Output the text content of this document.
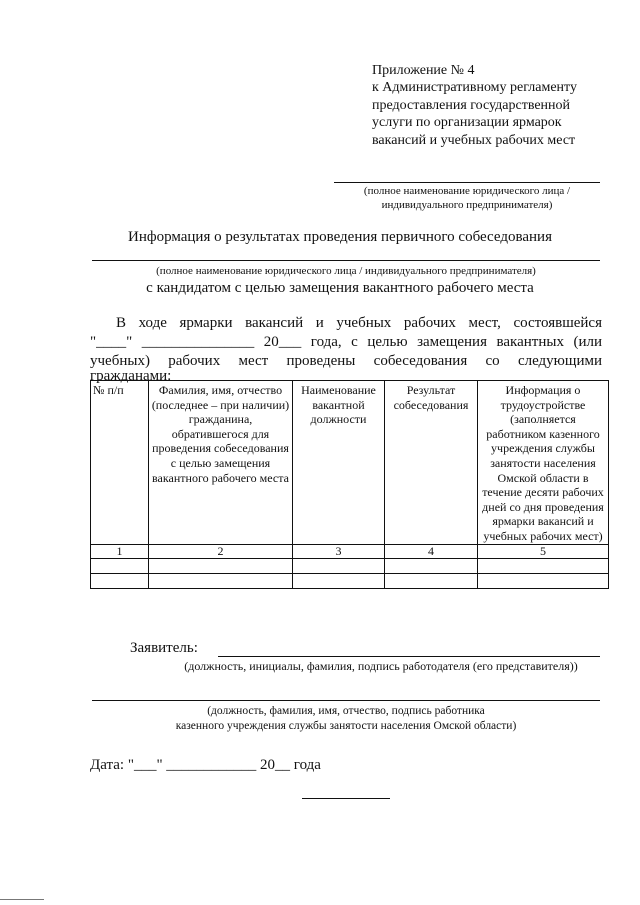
Приложение № 4
к Административному регламенту
предоставления государственной
услуги по организации ярмарок
вакансий и учебных рабочих мест
(полное наименование юридического лица /
индивидуального предпринимателя)
Информация о результатах проведения первичного собеседования
(полное наименование юридического лица / индивидуального предпринимателя)
с кандидатом с целью замещения вакантного рабочего места
В ходе ярмарки вакансий и учебных рабочих мест, состоявшейся
"____" _______________ 20___ года, с целью замещения вакантных (или
учебных) рабочих мест проведены собеседования со следующими
гражданами:
№ п/п	Фамилия, имя, отчество (последнее – при наличии) гражданина, обратившегося для проведения собеседования с целью замещения вакантного рабочего места	Наименование вакантной должности	Результат собеседования	Информация о трудоустройстве (заполняется работником казенного учреждения службы занятости населения Омской области в течение десяти рабочих дней со дня проведения ярмарки вакансий и учебных рабочих мест)
1	2	3	4	5

Заявитель:
(должность, инициалы, фамилия, подпись работодателя (его представителя))
(должность, фамилия, имя, отчество, подпись работника
казенного учреждения службы занятости населения Омской области)
Дата: "___" ____________ 20__ года
